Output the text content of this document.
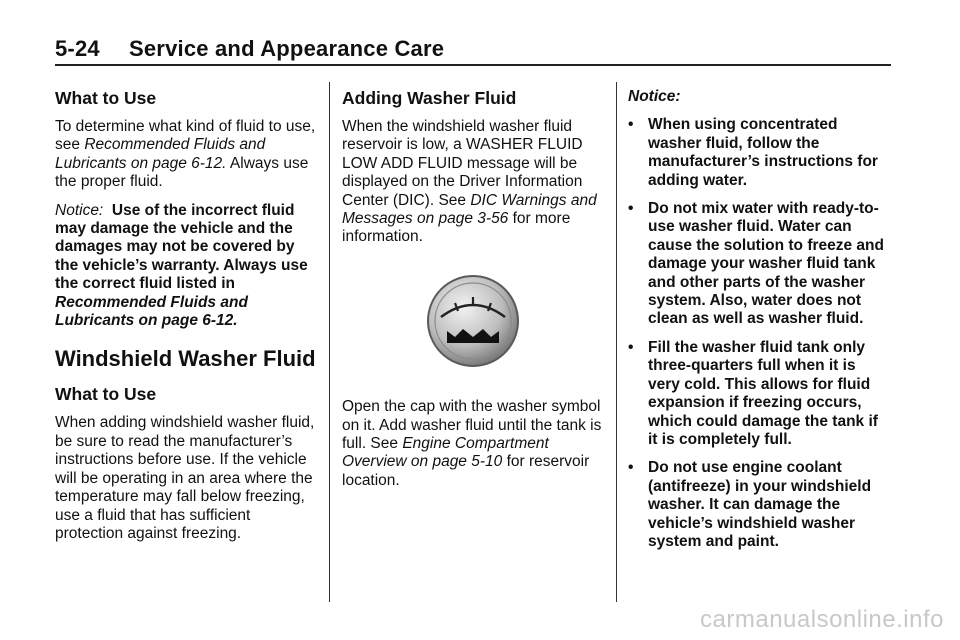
5-24 Service and Appearance Care
What to Use

To determine what kind of fluid to use, see Recommended Fluids and Lubricants on page 6-12. Always use the proper fluid.

Notice: Use of the incorrect fluid may damage the vehicle and the damages may not be covered by the vehicle’s warranty. Always use the correct fluid listed in Recommended Fluids and Lubricants on page 6-12.

Windshield Washer Fluid
What to Use

When adding windshield washer fluid, be sure to read the manufacturer’s instructions before use. If the vehicle will be operating in an area where the temperature may fall below freezing, use a fluid that has sufficient protection against freezing.

Adding Washer Fluid

When the windshield washer fluid reservoir is low, a WASHER FLUID LOW ADD FLUID message will be displayed on the Driver Information Center (DIC). See DIC Warnings and Messages on page 3-56 for more information.

Open the cap with the washer symbol on it. Add washer fluid until the tank is full. See Engine Compartment Overview on page 5-10 for reservoir location.

Notice:
• When using concentrated washer fluid, follow the manufacturer’s instructions for adding water.
• Do not mix water with ready-to-use washer fluid. Water can cause the solution to freeze and damage your washer fluid tank and other parts of the washer system. Also, water does not clean as well as washer fluid.
• Fill the washer fluid tank only three-quarters full when it is very cold. This allows for fluid expansion if freezing occurs, which could damage the tank if it is completely full.
• Do not use engine coolant (antifreeze) in your windshield washer. It can damage the vehicle’s windshield washer system and paint.
carmanualsonline.info
